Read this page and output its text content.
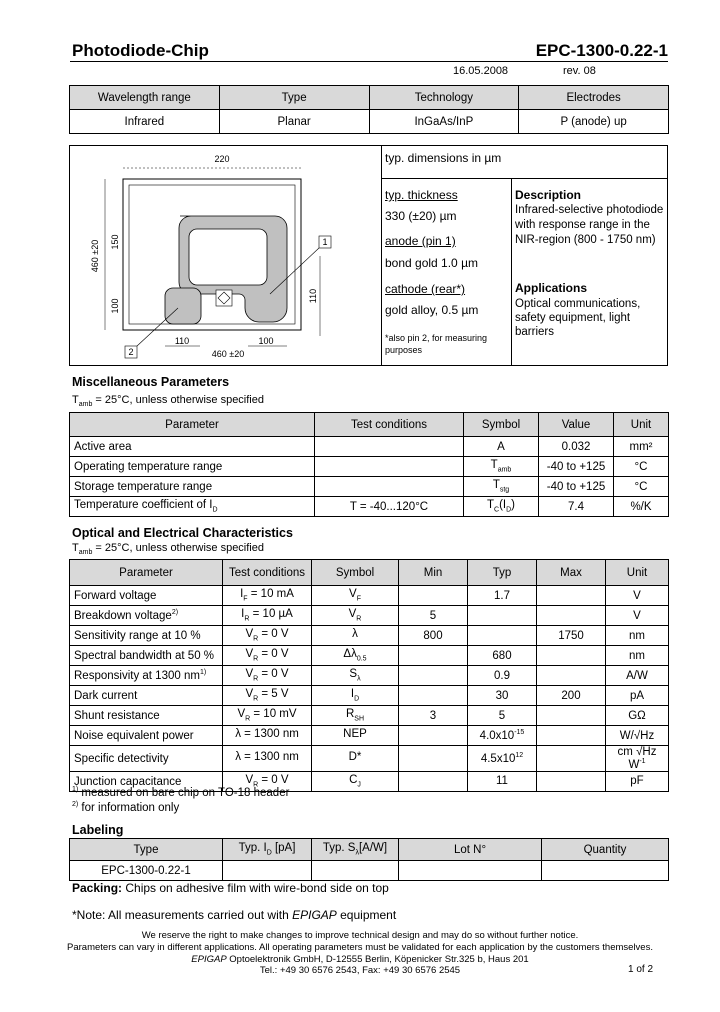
Photodiode-Chip	EPC-1300-0.22-1
16.05.2008	rev. 08
Wavelength range	Type	Technology	Electrodes
Infrared	Planar	InGaAs/InP	P (anode) up
220
460 ±20 150
100
110
110	100
460 ±20
1
2
typ. dimensions in µm
typ. thickness
330 (±20) µm
anode (pin 1)
bond gold 1.0 µm
cathode (rear*)
gold alloy, 0.5 µm
*also pin 2, for measuring purposes
Description
Infrared-selective photodiode with response range in the NIR-region (800 - 1750 nm)
Applications
Optical communications, safety equipment, light barriers
Miscellaneous Parameters
$T_{amb} = 25^\circ C$, unless otherwise specified
Parameter	Test conditions	Symbol	Value	Unit
Active area		A	0.032	mm²
Operating temperature range		$T_{amb}$	-40 to +125	°C
Storage temperature range		$T_{stg}$	-40 to +125	°C
Temperature coefficient of $I_D$	T = -40...120°C	$T_C(I_D)$	7.4	%/K
Optical and Electrical Characteristics
$T_{amb} = 25^\circ C$, unless otherwise specified
Parameter	Test conditions	Symbol	Min	Typ	Max	Unit
Forward voltage	$I_F = 10$ mA	$V_F$		1.7		V
Breakdown voltage$^{2)}$	$I_R = 10$ µA	$V_R$	5			V
Sensitivity range at 10 %	$V_R = 0$ V	λ	800		1750	nm
Spectral bandwidth at 50 %	$V_R = 0$ V	$\Delta\lambda_{0.5}$		680		nm
Responsivity at 1300 $nm^{1)}$	$V_R = 0$ V	$S_\lambda$		0.9		A/W
Dark current	$V_R = 5$ V	$I_D$		30	200	pA
Shunt resistance	$V_R = 10$ mV	$R_{SH}$	3	5		GΩ
Noise equivalent power	λ = 1300 nm	NEP		$4.0x10^{-15}$		W/√Hz
Specific detectivity	λ = 1300 nm	D*		$4.5x10^{12}$		cm √Hz $W^{-1}$
Junction capacitance	$V_R = 0$ V	$C_J$		11		pF
$^{1)}$ measured on bare chip on TO-18 header
$^{2)}$ for information only
Labeling
Type	Typ. $I_D$ [pA]	Typ. $S_\lambda[A/W]$	Lot N°	Quantity
EPC-1300-0.22-1				
Packing: Chips on adhesive film with wire-bond side on top
*Note: All measurements carried out with EPIGAP equipment
We reserve the right to make changes to improve technical design and may do so without further notice.
Parameters can vary in different applications. All operating parameters must be validated for each application by the customers themselves.
EPIGAP Optoelektronik GmbH, D-12555 Berlin, Köpenicker Str.325 b, Haus 201
Tel.: +49 30 6576 2543, Fax: +49 30 6576 2545	1 of 2
